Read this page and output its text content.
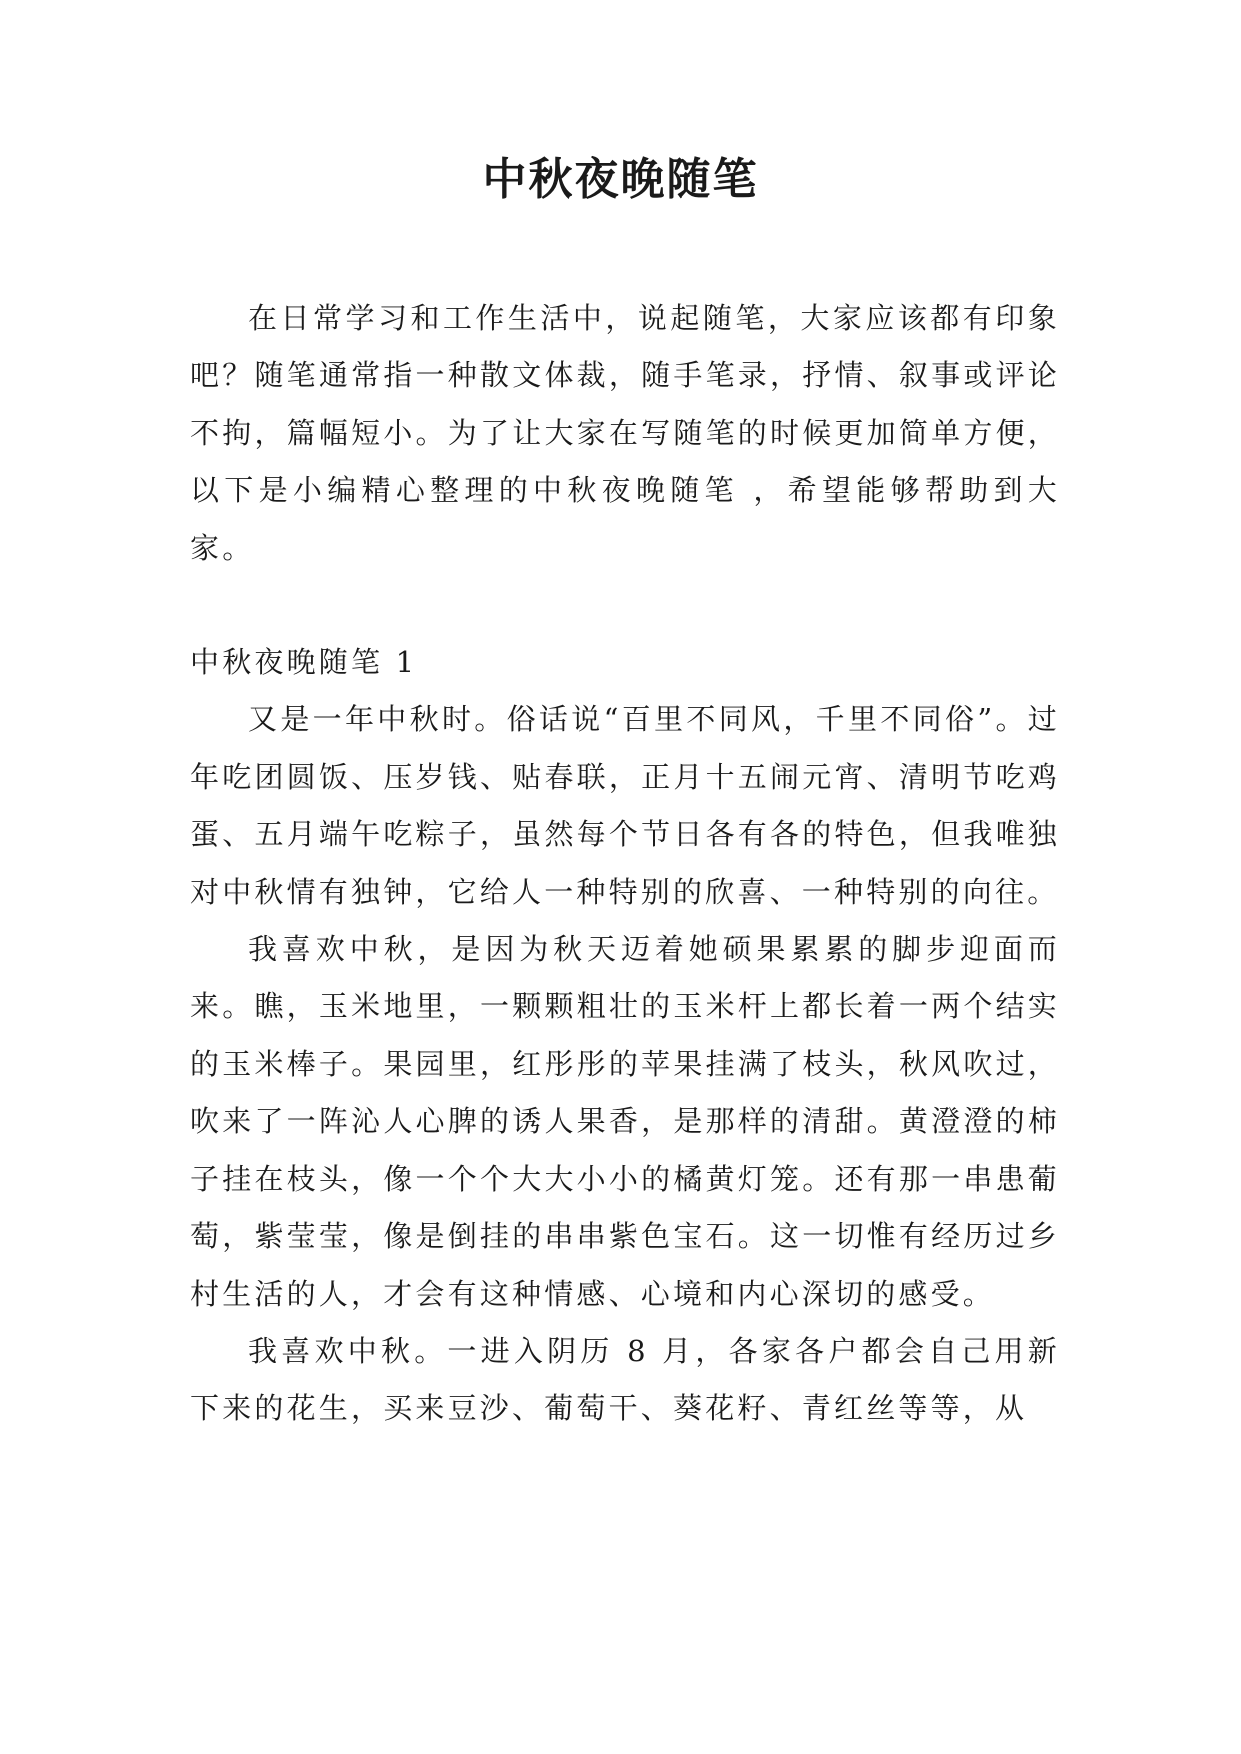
中秋夜晚随笔

在日常学习和工作生活中，说起随笔，大家应该都有印象吧？随笔通常指一种散文体裁，随手笔录，抒情、叙事或评论不拘，篇幅短小。为了让大家在写随笔的时候更加简单方便，以下是小编精心整理的中秋夜晚随笔 ，希望能够帮助到大家。

中秋夜晚随笔 1

又是一年中秋时。俗话说“百里不同风，千里不同俗”。过年吃团圆饭、压岁钱、贴春联，正月十五闹元宵、清明节吃鸡蛋、五月端午吃粽子，虽然每个节日各有各的特色，但我唯独对中秋情有独钟，它给人一种特别的欣喜、一种特别的向往。

我喜欢中秋，是因为秋天迈着她硕果累累的脚步迎面而来。瞧，玉米地里，一颗颗粗壮的玉米杆上都长着一两个结实的玉米棒子。果园里，红彤彤的苹果挂满了枝头，秋风吹过，吹来了一阵沁人心脾的诱人果香，是那样的清甜。黄澄澄的柿子挂在枝头，像一个个大大小小的橘黄灯笼。还有那一串患葡萄，紫莹莹，像是倒挂的串串紫色宝石。这一切惟有经历过乡村生活的人，才会有这种情感、心境和内心深切的感受。

我喜欢中秋。一进入阴历 8 月，各家各户都会自己用新下来的花生，买来豆沙、葡萄干、葵花籽、青红丝等等，从
